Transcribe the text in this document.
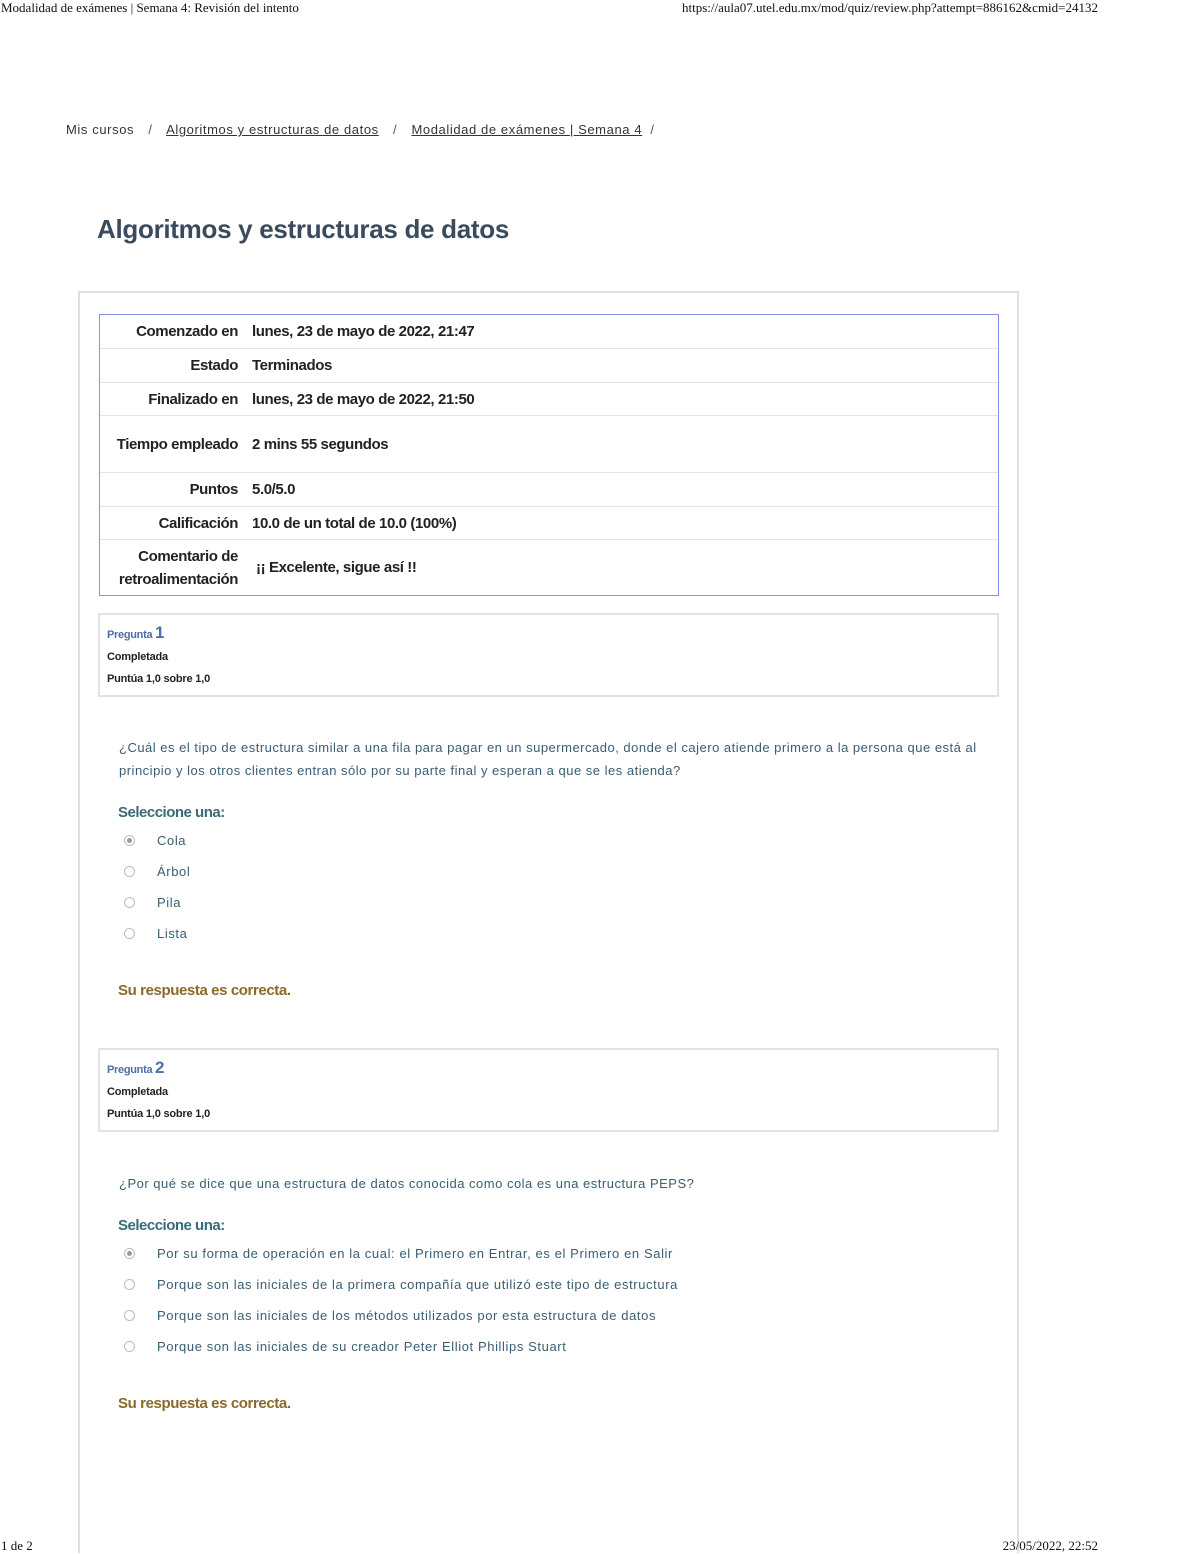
Modalidad de exámenes | Semana 4: Revisión del intento	https://aula07.utel.edu.mx/mod/quiz/review.php?attempt=886162&cmid=24132
Mis cursos / Algoritmos y estructuras de datos / Modalidad de exámenes | Semana 4 /
Algoritmos y estructuras de datos
Comenzado en lunes, 23 de mayo de 2022, 21:47
Estado Terminados
Finalizado en lunes, 23 de mayo de 2022, 21:50
Tiempo empleado 2 mins 55 segundos
Puntos 5.0/5.0
Calificación 10.0 de un total de 10.0 (100%)
Comentario de retroalimentación
¡¡ Excelente, sigue así !!
Pregunta 1
Completada
Puntúa 1,0 sobre 1,0
¿Cuál es el tipo de estructura similar a una fila para pagar en un supermercado, donde el cajero atiende primero a la persona que está al principio y los otros clientes entran sólo por su parte final y esperan a que se les atienda?
Seleccione una:
Cola
Árbol
Pila
Lista
Su respuesta es correcta.
Pregunta 2
Completada
Puntúa 1,0 sobre 1,0
¿Por qué se dice que una estructura de datos conocida como cola es una estructura PEPS?
Seleccione una:
Por su forma de operación en la cual: el Primero en Entrar, es el Primero en Salir
Porque son las iniciales de la primera compañía que utilizó este tipo de estructura
Porque son las iniciales de los métodos utilizados por esta estructura de datos
Porque son las iniciales de su creador Peter Elliot Phillips Stuart
Su respuesta es correcta.
1 de 2	23/05/2022, 22:52
